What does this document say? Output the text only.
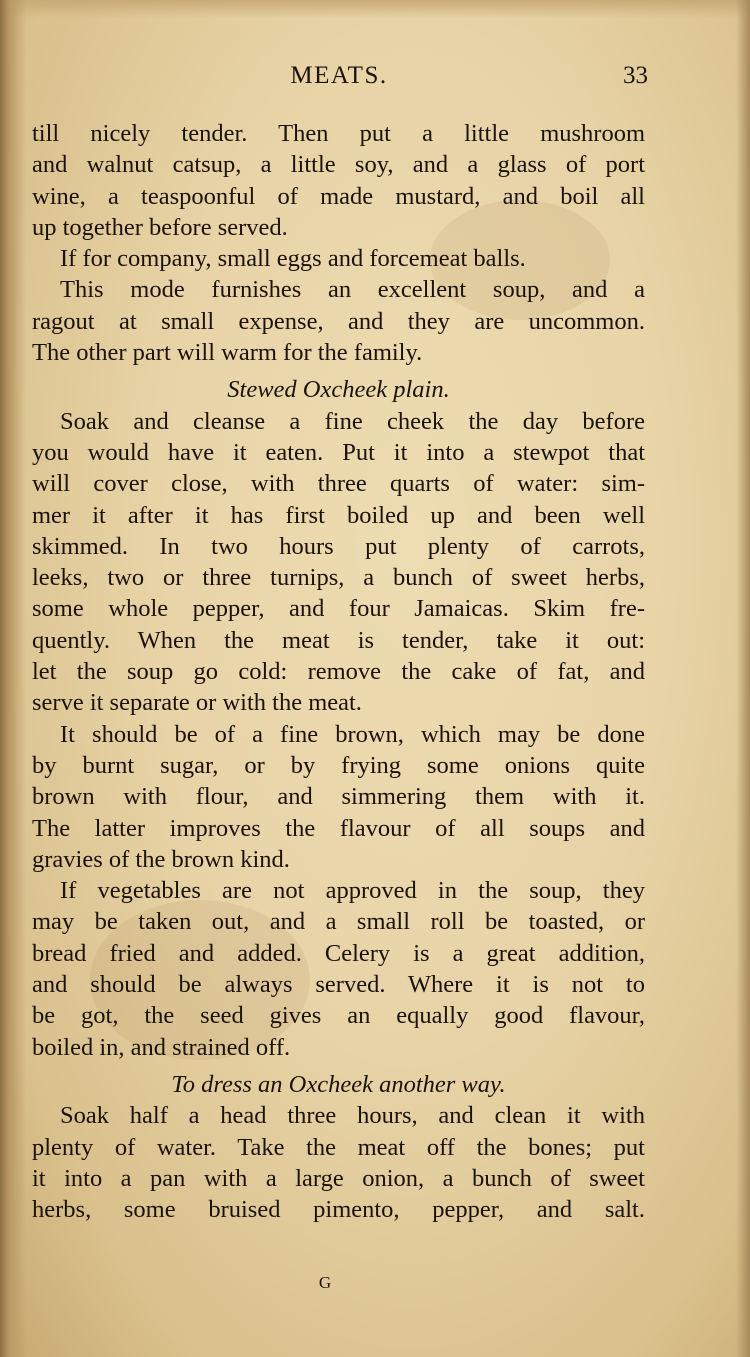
MEATS.	33
till nicely tender. Then put a little mushroom
and walnut catsup, a little soy, and a glass of port
wine, a teaspoonful of made mustard, and boil all
up together before served.
If for company, small eggs and forcemeat balls.
This mode furnishes an excellent soup, and a
ragout at small expense, and they are uncommon.
The other part will warm for the family.
Stewed Oxcheek plain.
Soak and cleanse a fine cheek the day before
you would have it eaten. Put it into a stewpot that
will cover close, with three quarts of water: sim-
mer it after it has first boiled up and been well
skimmed. In two hours put plenty of carrots,
leeks, two or three turnips, a bunch of sweet herbs,
some whole pepper, and four Jamaicas. Skim fre-
quently. When the meat is tender, take it out:
let the soup go cold: remove the cake of fat, and
serve it separate or with the meat.
It should be of a fine brown, which may be done
by burnt sugar, or by frying some onions quite
brown with flour, and simmering them with it.
The latter improves the flavour of all soups and
gravies of the brown kind.
If vegetables are not approved in the soup, they
may be taken out, and a small roll be toasted, or
bread fried and added. Celery is a great addition,
and should be always served. Where it is not to
be got, the seed gives an equally good flavour,
boiled in, and strained off.
To dress an Oxcheek another way.
Soak half a head three hours, and clean it with
plenty of water. Take the meat off the bones; put
it into a pan with a large onion, a bunch of sweet
herbs, some bruised pimento, pepper, and salt.
G
